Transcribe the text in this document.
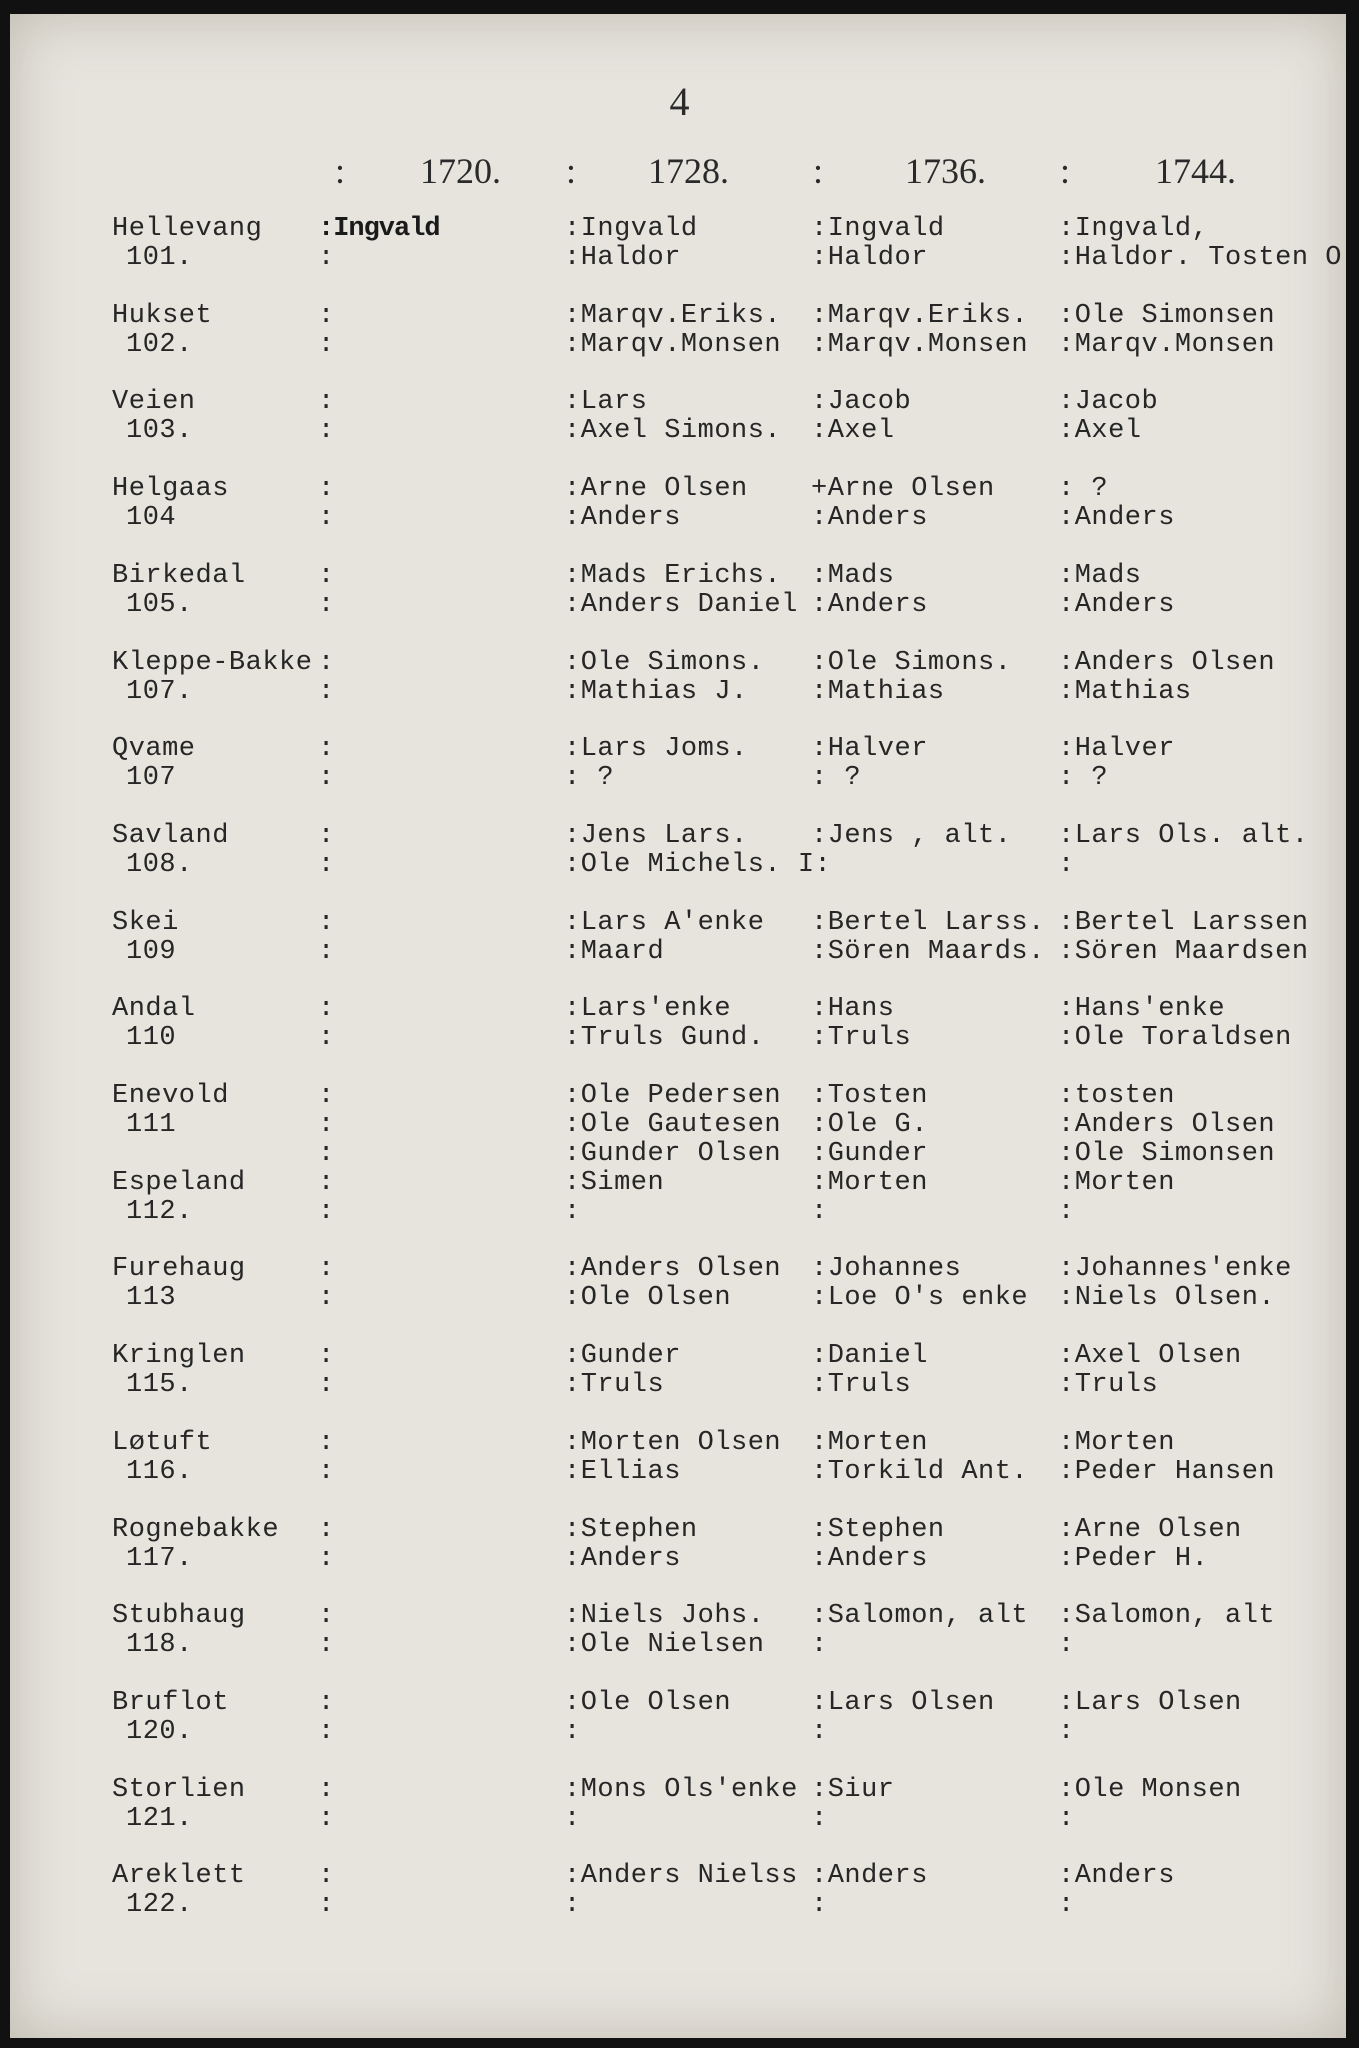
4
: 1720. : 1728. : 1736. : 1744.
Hellevang
101.
:Ingvald
:
:Ingvald
:Haldor
:Ingvald
:Haldor
:Ingvald,
:Haldor. Tosten O
Hukset
102.
:
:
:Marqv.Eriks.
:Marqv.Monsen
:Marqv.Eriks.
:Marqv.Monsen
:Ole Simonsen
:Marqv.Monsen
Veien
103.
:
:
:Lars
:Axel Simons.
:Jacob
:Axel
:Jacob
:Axel
Helgaas
104
:
:
:Arne Olsen
:Anders
+Arne Olsen
:Anders
: ?
:Anders
Birkedal
105.
:
:
:Mads Erichs.
:Anders Daniel
:Mads
:Anders
:Mads
:Anders
Kleppe-Bakke
107.
:
:
:Ole Simons.
:Mathias J.
:Ole Simons.
:Mathias
:Anders Olsen
:Mathias
Qvame
107
:
:
:Lars Joms.
: ?
:Halver
: ?
:Halver
: ?
Savland
108.
:
:
:Jens Lars.
:Ole Michels. I:
:Jens , alt. :Lars Ols. alt.
:
Skei
109
:
:
:Lars A'enke
:Maard
:Bertel Larss.
:Sören Maards.
:Bertel Larssen
:Sören Maardsen
Andal
110
:
:
:Lars'enke
:Truls Gund.
:Hans
:Truls
:Hans'enke
:Ole Toraldsen
Enevold
111
:
:
:
:Ole Pedersen
:Ole Gautesen
:Gunder Olsen
:Tosten
:Ole G.
:Gunder
:tosten
:Anders Olsen
:Ole Simonsen
Espeland
112.
:
:
:Simen
:
:Morten
:
:Morten
:
Furehaug
113
:
:
:Anders Olsen
:Ole Olsen
:Johannes
:Loe O's enke
:Johannes'enke
:Niels Olsen.
Kringlen
115.
:
:
:Gunder
:Truls
:Daniel
:Truls
:Axel Olsen
:Truls
Løtuft
116.
:
:
:Morten Olsen
:Ellias
:Morten
:Torkild Ant.
:Morten
:Peder Hansen
Rognebakke
117.
:
:
:Stephen
:Anders
:Stephen
:Anders
:Arne Olsen
:Peder H.
Stubhaug
118.
:
:
:Niels Johs.
:Ole Nielsen
:Salomon, alt
:
:Salomon, alt
:
Bruflot
120.
:
:
:Ole Olsen
:
:Lars Olsen
:
:Lars Olsen
:
Storlien
121.
:
:
:Mons Ols'enke
:
:Siur
:
:Ole Monsen
:
Areklett
122.
:
:
:Anders Nielss
:
:Anders
:
:Anders
:
